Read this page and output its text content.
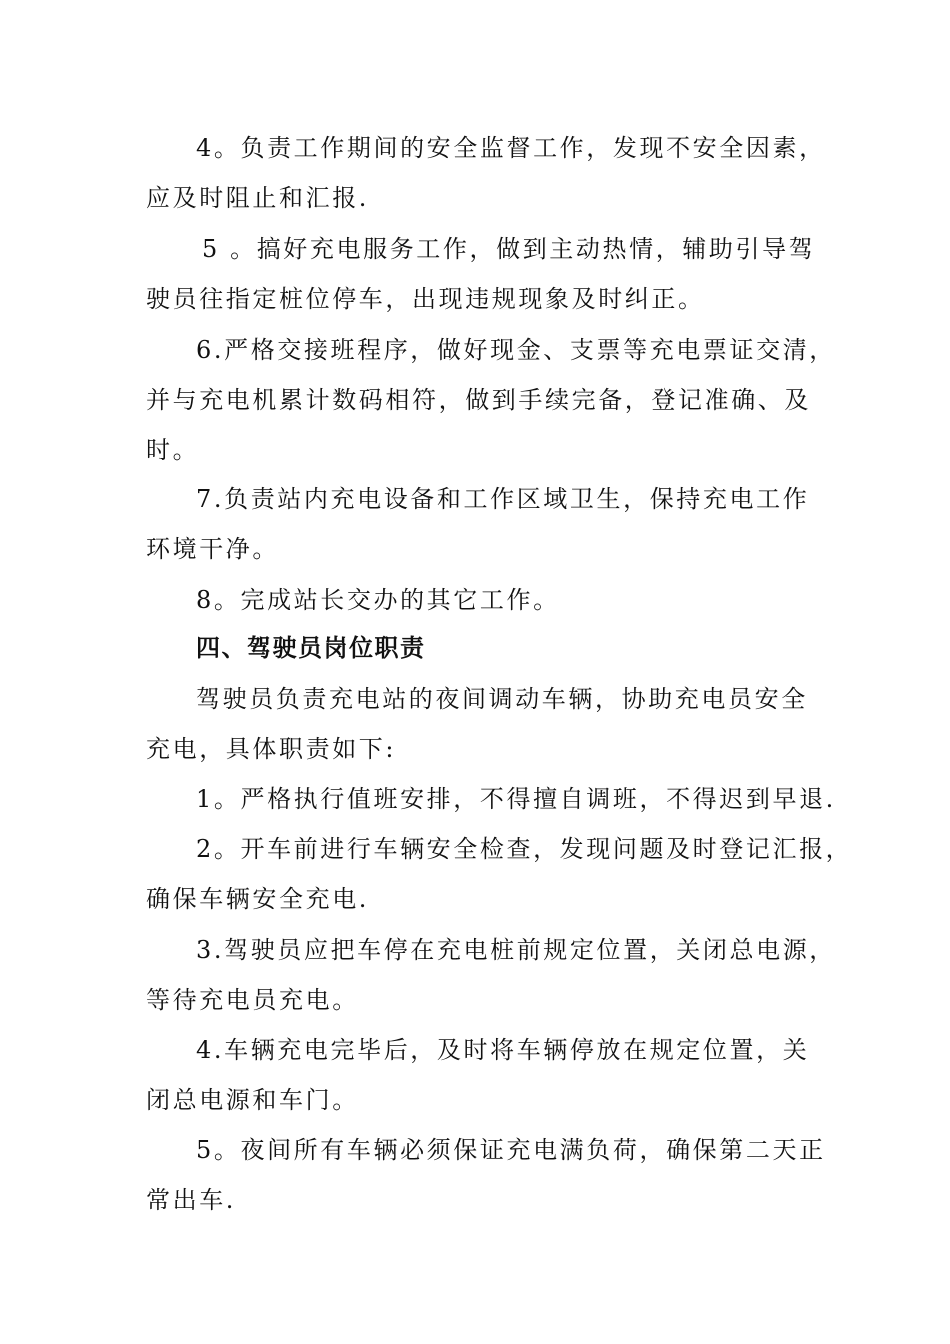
4。负责工作期间的安全监督工作，发现不安全因素，
应及时阻止和汇报.
5 。搞好充电服务工作，做到主动热情，辅助引导驾
驶员往指定桩位停车，出现违规现象及时纠正。
6.严格交接班程序，做好现金、支票等充电票证交清，
并与充电机累计数码相符，做到手续完备，登记准确、及
时。
7.负责站内充电设备和工作区域卫生，保持充电工作
环境干净。
8。完成站长交办的其它工作。
四、驾驶员岗位职责
驾驶员负责充电站的夜间调动车辆，协助充电员安全
充电，具体职责如下:
1。严格执行值班安排，不得擅自调班，不得迟到早退.
2。开车前进行车辆安全检查，发现问题及时登记汇报，
确保车辆安全充电.
3.驾驶员应把车停在充电桩前规定位置，关闭总电源，
等待充电员充电。
4.车辆充电完毕后，及时将车辆停放在规定位置，关
闭总电源和车门。
5。夜间所有车辆必须保证充电满负荷，确保第二天正
常出车.
